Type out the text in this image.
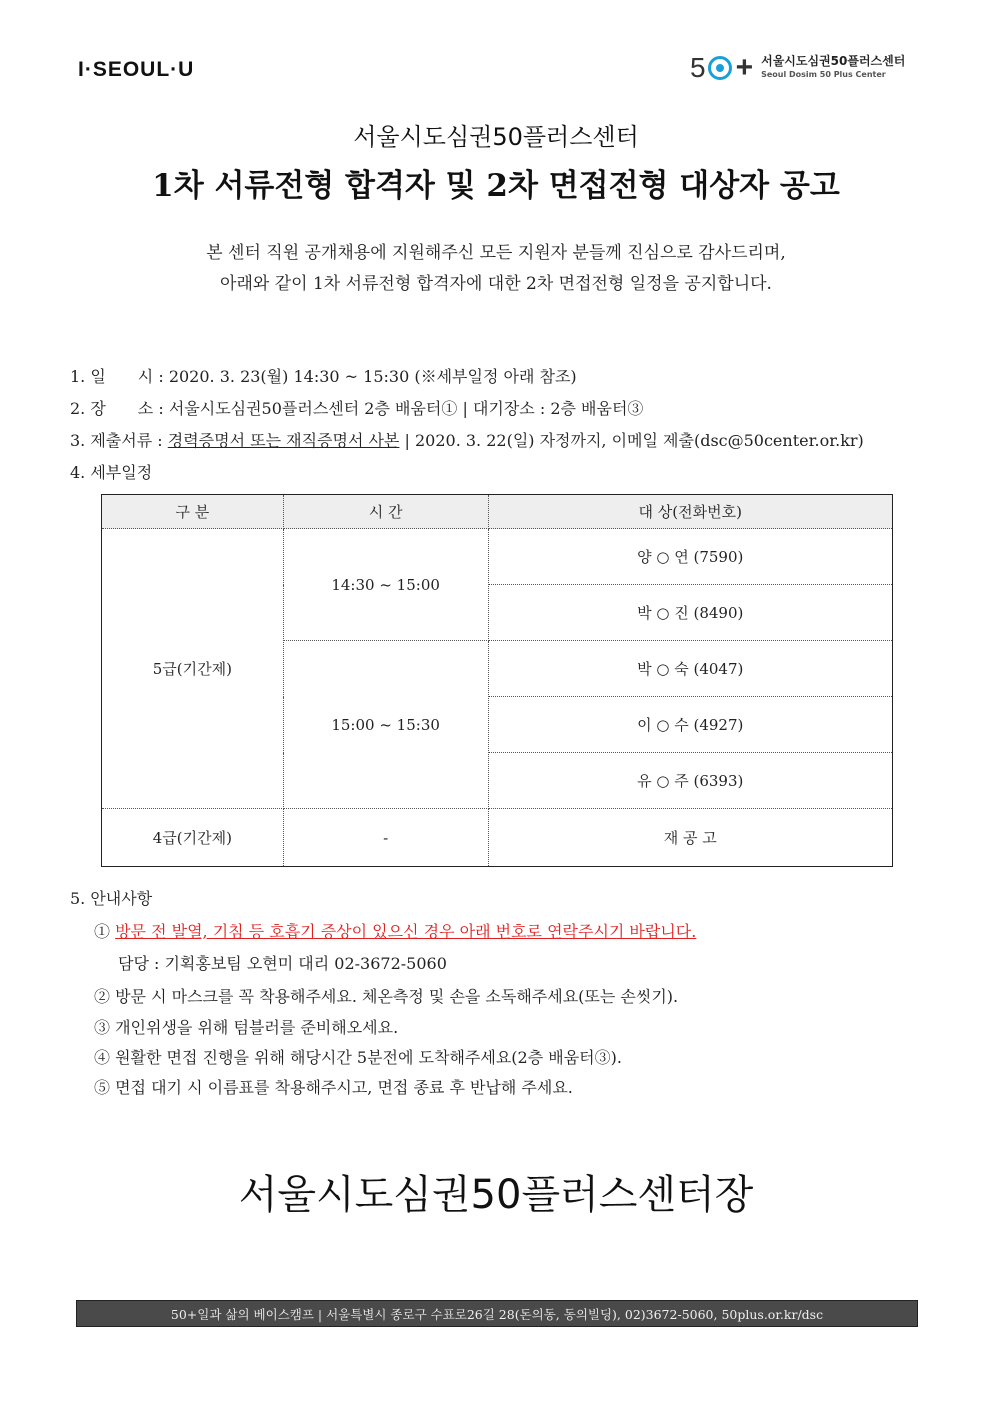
I·SEOUL·U	5 + 서울시도심권50플러스센터
Seoul Dosim 50 Plus Center
서울시도심권50플러스센터
1차 서류전형 합격자 및 2차 면접전형 대상자 공고
본 센터 직원 공개채용에 지원해주신 모든 지원자 분들께 진심으로 감사드리며,
아래와 같이 1차 서류전형 합격자에 대한 2차 면접전형 일정을 공지합니다.
1. 일　　시 : 2020. 3. 23(월) 14:30 ~ 15:30 (※세부일정 아래 참조)
2. 장　　소 : 서울시도심권50플러스센터 2층 배움터① | 대기장소 : 2층 배움터③
3. 제출서류 : 경력증명서 또는 재직증명서 사본 | 2020. 3. 22(일) 자정까지, 이메일 제출(dsc@50center.or.kr)
4. 세부일정
구 분	시 간	대 상(전화번호)
5급(기간제)	14:30 ~ 15:00	양 ○ 연 (7590)
		박 ○ 진 (8490)
	15:00 ~ 15:30	박 ○ 숙 (4047)
		이 ○ 수 (4927)
		유 ○ 주 (6393)
4급(기간제)	-	재 공 고
5. 안내사항
① 방문 전 발열, 기침 등 호흡기 증상이 있으신 경우 아래 번호로 연락주시기 바랍니다.
담당 : 기획홍보팀 오현미 대리 02-3672-5060
② 방문 시 마스크를 꼭 착용해주세요. 체온측정 및 손을 소독해주세요(또는 손씻기).
③ 개인위생을 위해 텀블러를 준비해오세요.
④ 원활한 면접 진행을 위해 해당시간 5분전에 도착해주세요(2층 배움터③).
⑤ 면접 대기 시 이름표를 착용해주시고, 면접 종료 후 반납해 주세요.
서울시도심권50플러스센터장
50+일과 삶의 베이스캠프 | 서울특별시 종로구 수표로26길 28(돈의동, 동의빌딩), 02)3672-5060, 50plus.or.kr/dsc
